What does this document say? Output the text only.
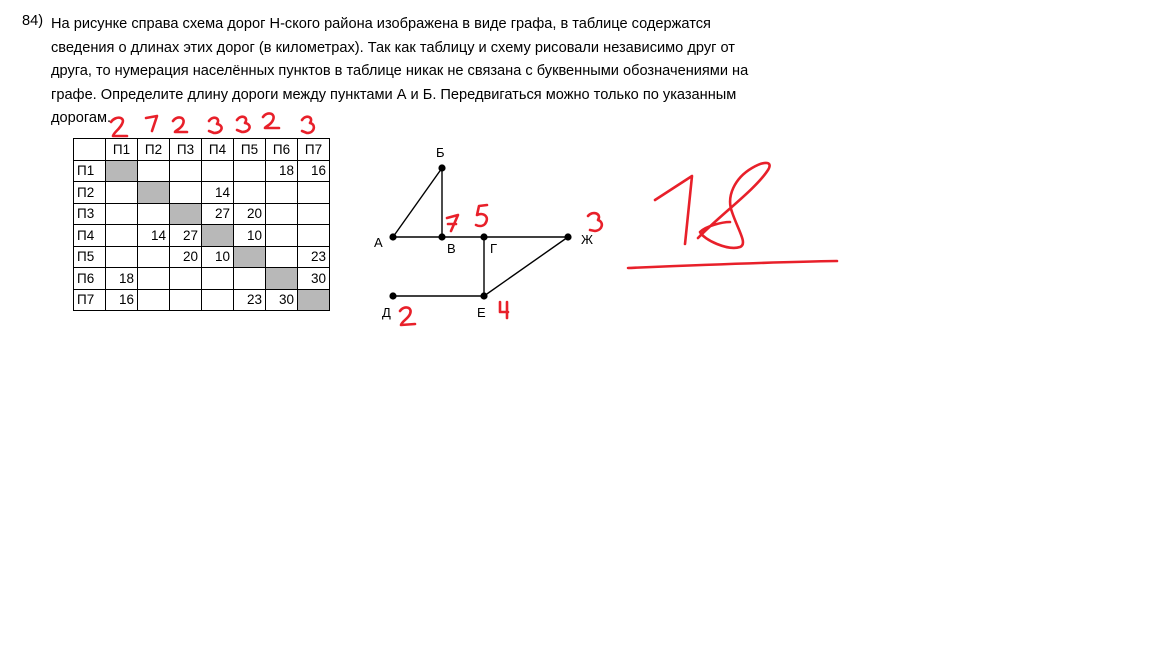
84) На рисунке справа схема дорог Н-ского района изображена в виде графа, в таблице содержатся
сведения о длинах этих дорог (в километрах). Так как таблицу и схему рисовали независимо друг от
друга, то нумерация населённых пунктов в таблице никак не связана с буквенными обозначениями на
графе. Определите длину дороги между пунктами А и Б. Передвигаться можно только по указанным
дорогам.
	П1	П2	П3	П4	П5	П6	П7
П1						18	16
П2				14			
П3				27	20		
П4		14	27		10		
П5			20	10			23
П6	18						30
П7	16				23	30	
Б
А	В	Г
Ж
Д	Е
